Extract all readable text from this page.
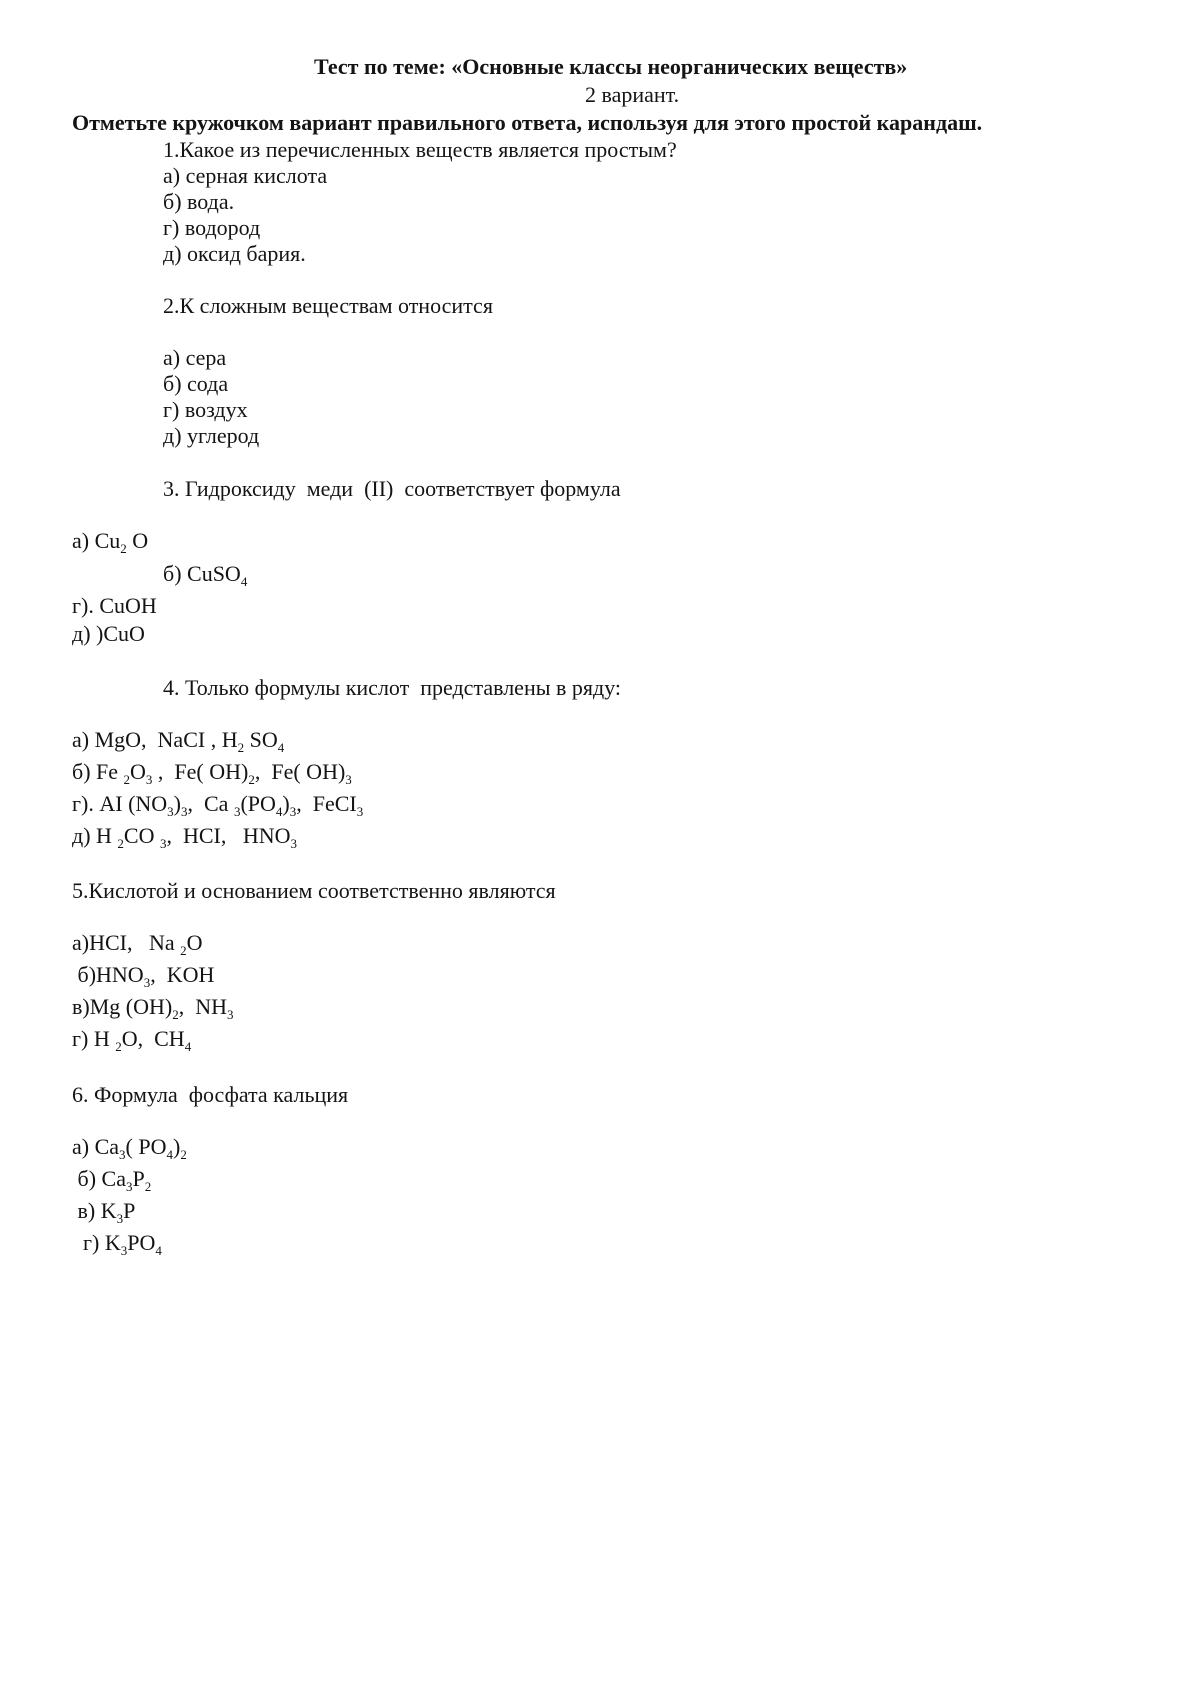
Тест по теме: «Основные классы неорганических веществ»
2 вариант.
Отметьте кружочком вариант правильного ответа, используя для этого простой карандаш.
1.Какое из перечисленных веществ является простым?
а) серная кислота
б) вода.
г) водород
д) оксид бария.
2.К сложным веществам относится
а) сера
б) сода
г) воздух
д) углерод
3. Гидроксиду  меди  (II)  соответствует формула
а) $Cu_2$ O
б) CuSO$_4$
г). CuOH
д) )CuO
4. Только формулы кислот  представлены в ряду:
а) MgO,  NaCI , $H_2$ $SO_4$
б) Fe $_2O_3$ ,  Fe( $OH)_2$,  Fe( $OH)_3$
г). AI $(NO_3)_3$,  Ca $_3(PO_4)_3$,  FeCI$_3$
д) H $_2$CO $_3$,  HCI,   $HNO_3$
5.Кислотой и основанием соответственно являются
а)HCI,   Na $_2$O
$б)HNO_3$,  KOH
в)Mg $(OH)_2$,  $NH_3$
г) H $_2$O,  $CH_4$
6. Формула  фосфата кальция
а) $Ca_3$( $PO_4)_2$
б) $Ca_3P_2$
в) $K_3P$
г) $K_3PO_4$
